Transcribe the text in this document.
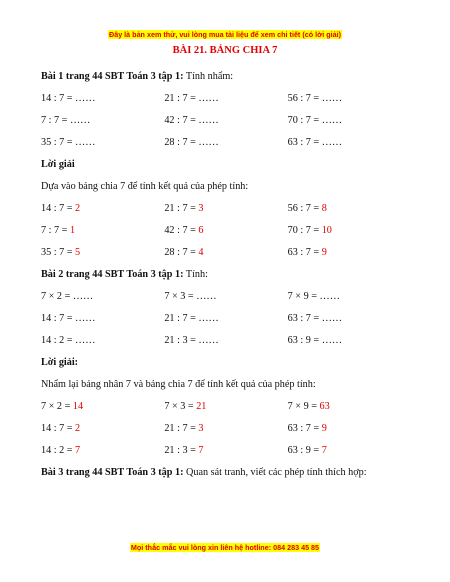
Đây là bản xem thử, vui lòng mua tài liệu để xem chi tiết (có lời giải)
BÀI 21. BẢNG CHIA 7
Bài 1 trang 44 SBT Toán 3 tập 1: Tính nhẩm:
14 : 7 = ……	21 : 7 = ……	56 : 7 = ……
7 : 7 = ……	42 : 7 = ……	70 : 7 = ……
35 : 7 = ……	28 : 7 = ……	63 : 7 = ……
Lời giải
Dựa vào bảng chia 7 để tính kết quả của phép tính:
14 : 7 = 2	21 : 7 = 3	56 : 7 = 8
7 : 7 = 1	42 : 7 = 6	70 : 7 = 10
35 : 7 = 5	28 : 7 = 4	63 : 7 = 9
Bài 2 trang 44 SBT Toán 3 tập 1: Tính:
7 × 2 = ……	7 × 3 = ……	7 × 9 = ……
14 : 7 = ……	21 : 7 = ……	63 : 7 = ……
14 : 2 = ……	21 : 3 = ……	63 : 9 = ……
Lời giải:
Nhẩm lại bảng nhân 7 và bảng chia 7 để tính kết quả của phép tính:
7 × 2 = 14	7 × 3 = 21	7 × 9 = 63
14 : 7 = 2	21 : 7 = 3	63 : 7 = 9
14 : 2 = 7	21 : 3 = 7	63 : 9 = 7
Bài 3 trang 44 SBT Toán 3 tập 1: Quan sát tranh, viết các phép tính thích hợp:
Mọi thắc mắc vui lòng xin liên hệ hotline: 084 283 45 85
